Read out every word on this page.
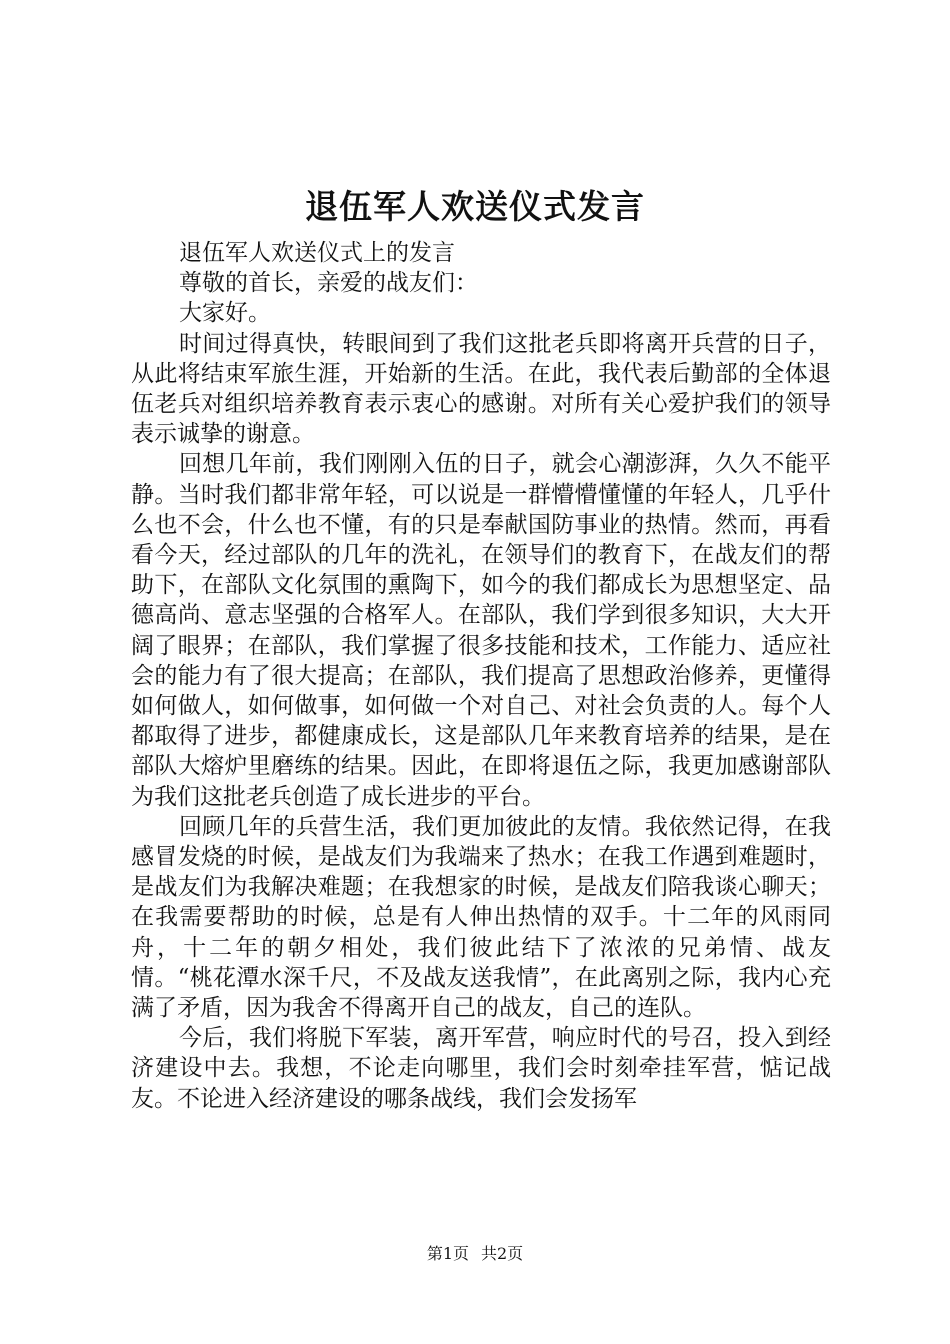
退伍军人欢送仪式发言

退伍军人欢送仪式上的发言

尊敬的首长，亲爱的战友们：

大家好。

时间过得真快，转眼间到了我们这批老兵即将离开兵营的日子，从此将结束军旅生涯，开始新的生活。在此，我代表后勤部的全体退伍老兵对组织培养教育表示衷心的感谢。对所有关心爱护我们的领导表示诚挚的谢意。

回想几年前，我们刚刚入伍的日子，就会心潮澎湃，久久不能平静。当时我们都非常年轻，可以说是一群懵懵懂懂的年轻人，几乎什么也不会，什么也不懂，有的只是奉献国防事业的热情。然而，再看看今天，经过部队的几年的洗礼，在领导们的教育下，在战友们的帮助下，在部队文化氛围的熏陶下，如今的我们都成长为思想坚定、品德高尚、意志坚强的合格军人。在部队，我们学到很多知识，大大开阔了眼界；在部队，我们掌握了很多技能和技术，工作能力、适应社会的能力有了很大提高；在部队，我们提高了思想政治修养，更懂得如何做人，如何做事，如何做一个对自己、对社会负责的人。每个人都取得了进步，都健康成长，这是部队几年来教育培养的结果，是在部队大熔炉里磨练的结果。因此，在即将退伍之际，我更加感谢部队为我们这批老兵创造了成长进步的平台。

回顾几年的兵营生活，我们更加彼此的友情。我依然记得，在我感冒发烧的时候，是战友们为我端来了热水；在我工作遇到难题时，是战友们为我解决难题；在我想家的时候，是战友们陪我谈心聊天；在我需要帮助的时候，总是有人伸出热情的双手。十二年的风雨同舟，十二年的朝夕相处，我们彼此结下了浓浓的兄弟情、战友情。“桃花潭水深千尺，不及战友送我情”，在此离别之际，我内心充满了矛盾，因为我舍不得离开自己的战友，自己的连队。

今后，我们将脱下军装，离开军营，响应时代的号召，投入到经济建设中去。我想，不论走向哪里，我们会时刻牵挂军营，惦记战友。不论进入经济建设的哪条战线，我们会发扬军

第1页 共2页
